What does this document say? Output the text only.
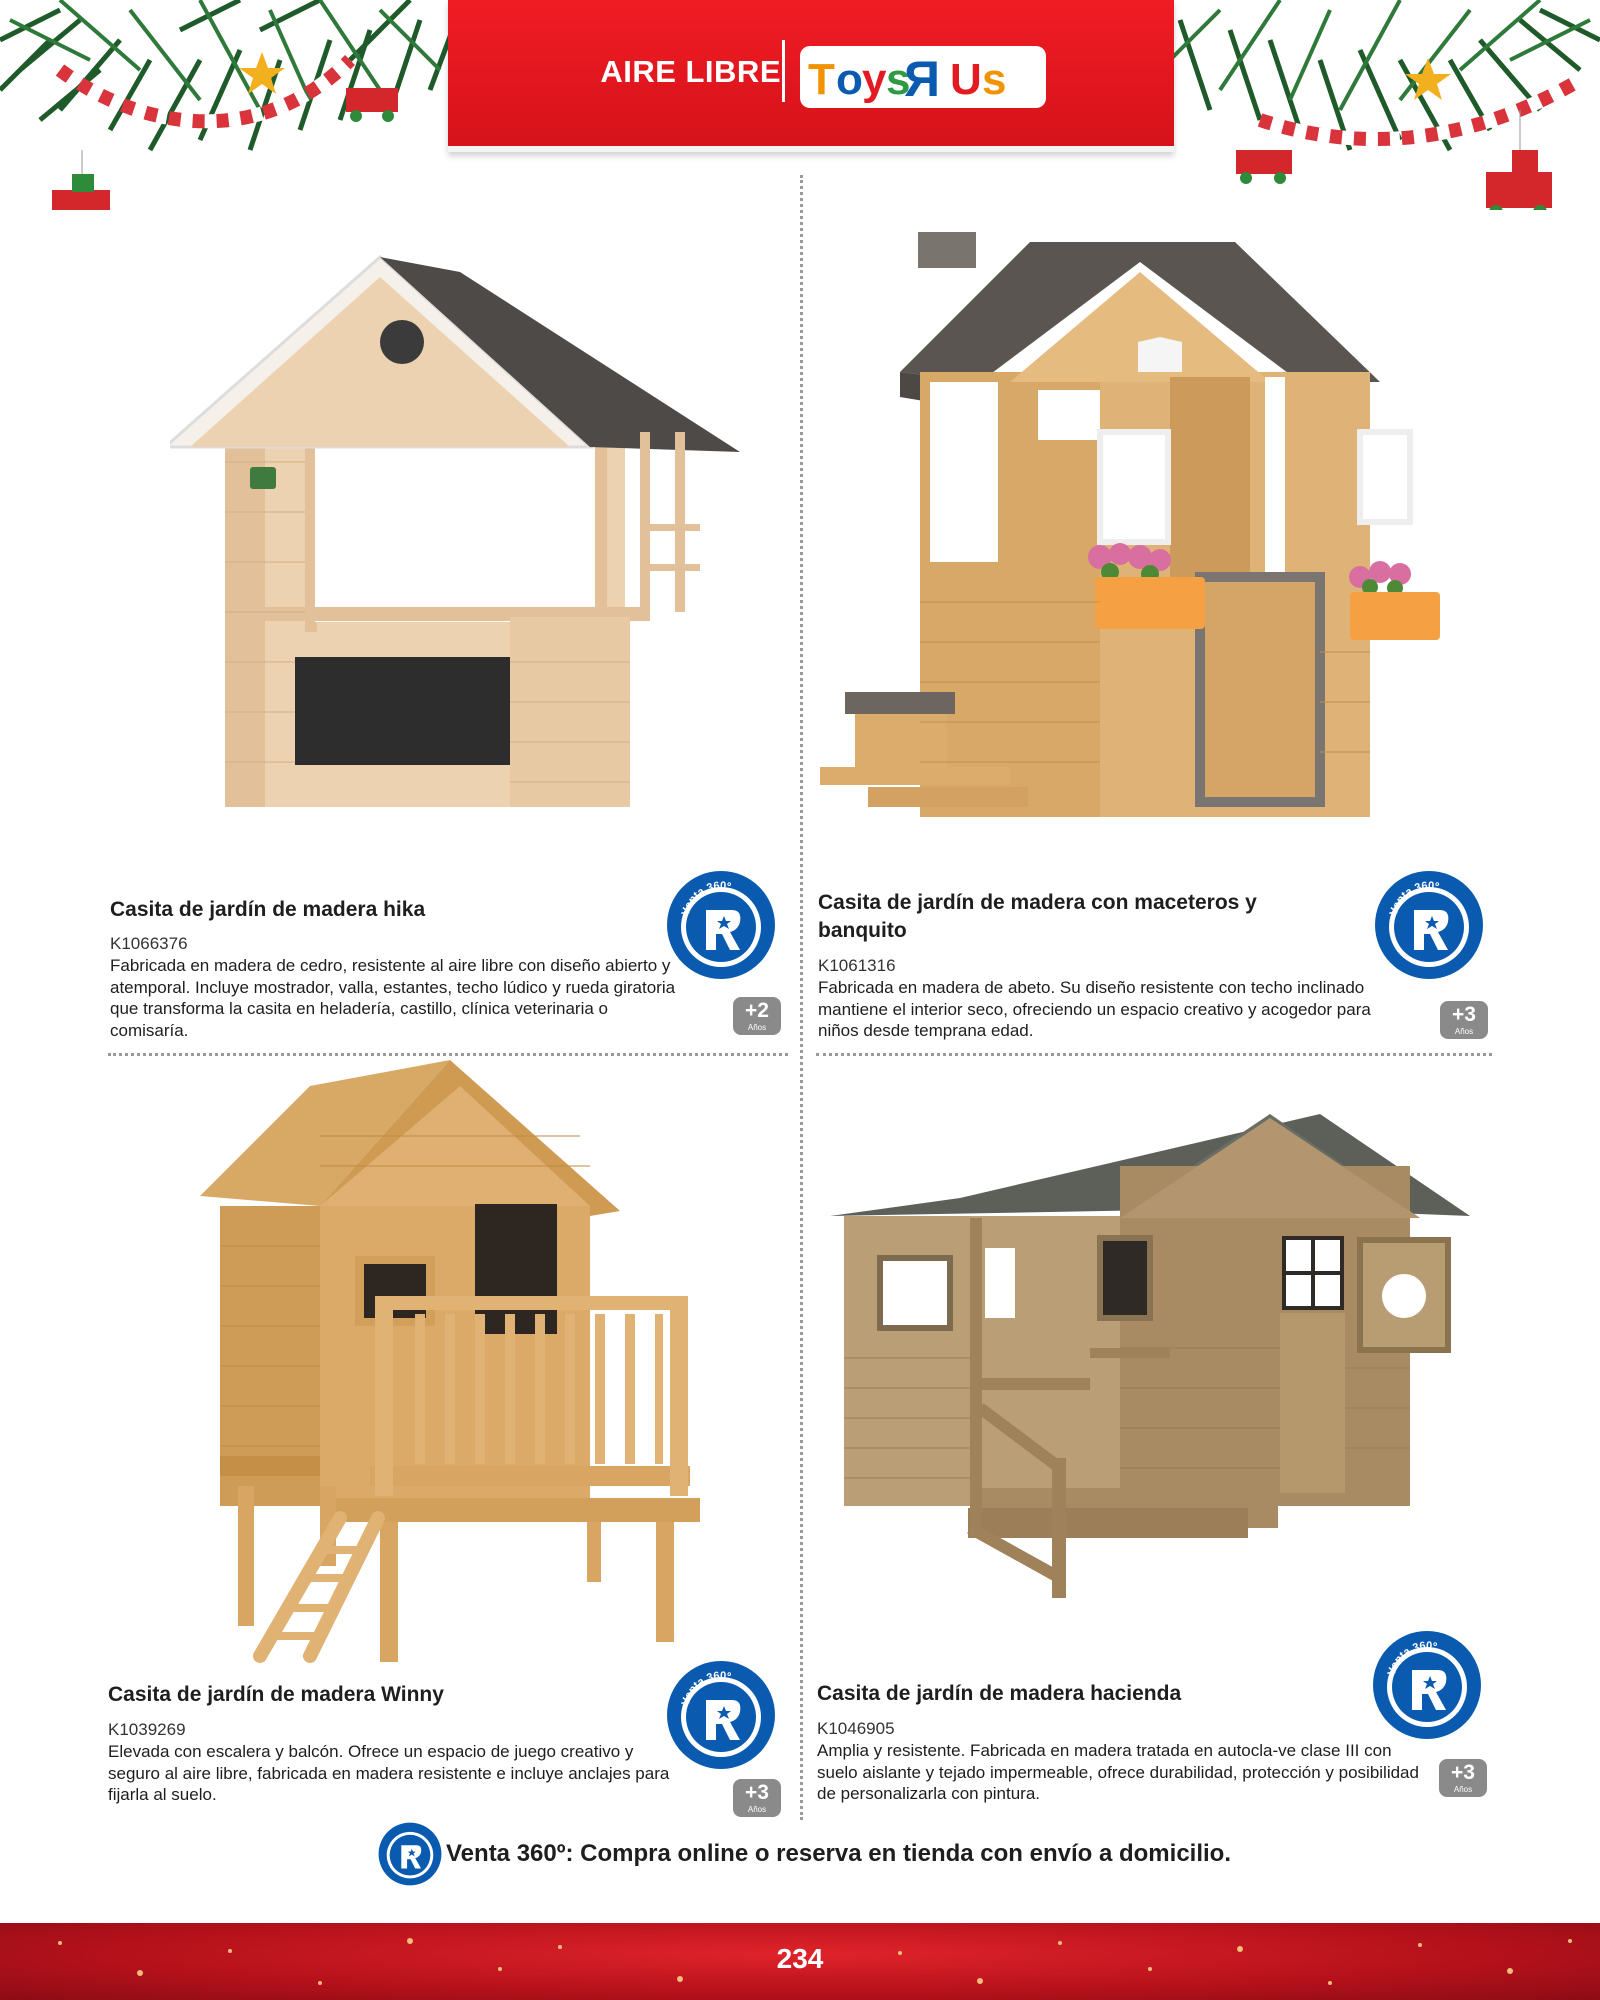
AIRE LIBRE T o y s
R U s
Casita de jardín de madera hika
K1066376
Fabricada en madera de cedro, resistente al aire libre con diseño abierto y atemporal. Incluye mostrador, valla, estantes, techo lúdico y rueda giratoria que transforma la casita en heladería, castillo, clínica veterinaria o comisaría.
Venta 360º
+2
Años
Casita de jardín de madera con maceteros y banquito
K1061316
Fabricada en madera de abeto. Su diseño resistente con techo inclinado mantiene el interior seco, ofreciendo un espacio creativo y acogedor para niños desde temprana edad.
Venta 360º
+3
Años
Casita de jardín de madera Winny
K1039269
Elevada con escalera y balcón. Ofrece un espacio de juego creativo y seguro al aire libre, fabricada en madera resistente e incluye anclajes para fijarla al suelo.
Venta 360º
+3
Años
Casita de jardín de madera hacienda
K1046905
Amplia y resistente. Fabricada en madera tratada en autocla-ve clase III con suelo aislante y tejado impermeable, ofrece durabilidad, protección y posibilidad de personalizarla con pintura.
Venta 360º
+3
Años
Venta 360º: Compra online o reserva en tienda con envío a domicilio.
234
